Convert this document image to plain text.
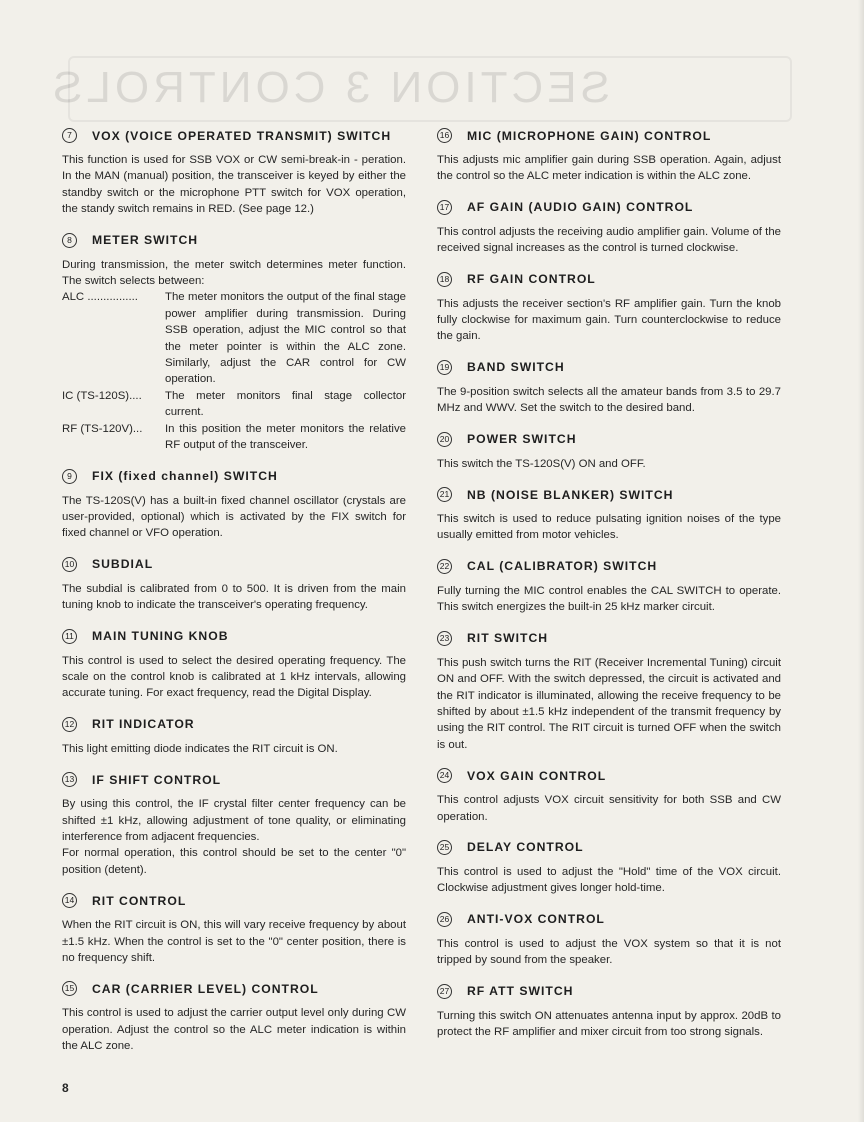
SECTION 3 CONTROLS
7	VOX (VOICE OPERATED TRANSMIT) SWITCH

This function is used for SSB VOX or CW semi-break-in - peration. In the MAN (manual) position, the transceiver is keyed by either the standby switch or the microphone PTT switch for VOX operation, the standy switch remains in RED. (See page 12.)

8	METER SWITCH

During transmission, the meter switch determines meter function. The switch selects between:

ALC ................	The meter monitors the output of the final stage power amplifier during transmission. During SSB operation, adjust the MIC control so that the meter pointer is within the ALC zone. Similarly, adjust the CAR control for CW operation.
IC (TS-120S)....	The meter monitors final stage collector current.
RF (TS-120V)...	In this position the meter monitors the relative RF output of the transceiver.
9	FIX (fixed channel) SWITCH

The TS-120S(V) has a built-in fixed channel oscillator (crystals are user-provided, optional) which is activated by the FIX switch for fixed channel or VFO operation.

10 SUBDIAL

The subdial is calibrated from 0 to 500. It is driven from the main tuning knob to indicate the transceiver's operating frequency.

11 MAIN TUNING KNOB

This control is used to select the desired operating frequency. The scale on the control knob is calibrated at 1 kHz intervals, allowing accurate tuning. For exact frequency, read the Digital Display.

12 RIT INDICATOR

This light emitting diode indicates the RIT circuit is ON.

13 IF SHIFT CONTROL

By using this control, the IF crystal filter center frequency can be shifted ±1 kHz, allowing adjustment of tone quality, or eliminating interference from adjacent frequencies.

For normal operation, this control should be set to the center "0" position (detent).

14 RIT CONTROL

When the RIT circuit is ON, this will vary receive frequency by about ±1.5 kHz. When the control is set to the "0" center position, there is no frequency shift.

15 CAR (CARRIER LEVEL) CONTROL

This control is used to adjust the carrier output level only during CW operation. Adjust the control so the ALC meter indication is within the ALC zone.

16 MIC (MICROPHONE GAIN) CONTROL

This adjusts mic amplifier gain during SSB operation. Again, adjust the control so the ALC meter indication is within the ALC zone.

17 AF GAIN (AUDIO GAIN) CONTROL

This control adjusts the receiving audio amplifier gain. Volume of the received signal increases as the control is turned clockwise.

18 RF GAIN CONTROL

This adjusts the receiver section's RF amplifier gain. Turn the knob fully clockwise for maximum gain. Turn counterclockwise to reduce the gain.

19 BAND SWITCH

The 9-position switch selects all the amateur bands from 3.5 to 29.7 MHz and WWV. Set the switch to the desired band.

20 POWER SWITCH

This switch the TS-120S(V) ON and OFF.

21 NB (NOISE BLANKER) SWITCH

This switch is used to reduce pulsating ignition noises of the type usually emitted from motor vehicles.

22 CAL (CALIBRATOR) SWITCH

Fully turning the MIC control enables the CAL SWITCH to operate. This switch energizes the built-in 25 kHz marker circuit.

23 RIT SWITCH

This push switch turns the RIT (Receiver Incremental Tuning) circuit ON and OFF. With the switch depressed, the circuit is activated and the RIT indicator is illuminated, allowing the receive frequency to be shifted by about ±1.5 kHz independent of the transmit frequency by using the RIT control. The RIT circuit is turned OFF when the switch is out.

24 VOX GAIN CONTROL

This control adjusts VOX circuit sensitivity for both SSB and CW operation.

25 DELAY CONTROL

This control is used to adjust the "Hold" time of the VOX circuit. Clockwise adjustment gives longer hold-time.

26 ANTI-VOX CONTROL

This control is used to adjust the VOX system so that it is not tripped by sound from the speaker.

27 RF ATT SWITCH

Turning this switch ON attenuates antenna input by approx. 20dB to protect the RF amplifier and mixer circuit from too strong signals.

8
